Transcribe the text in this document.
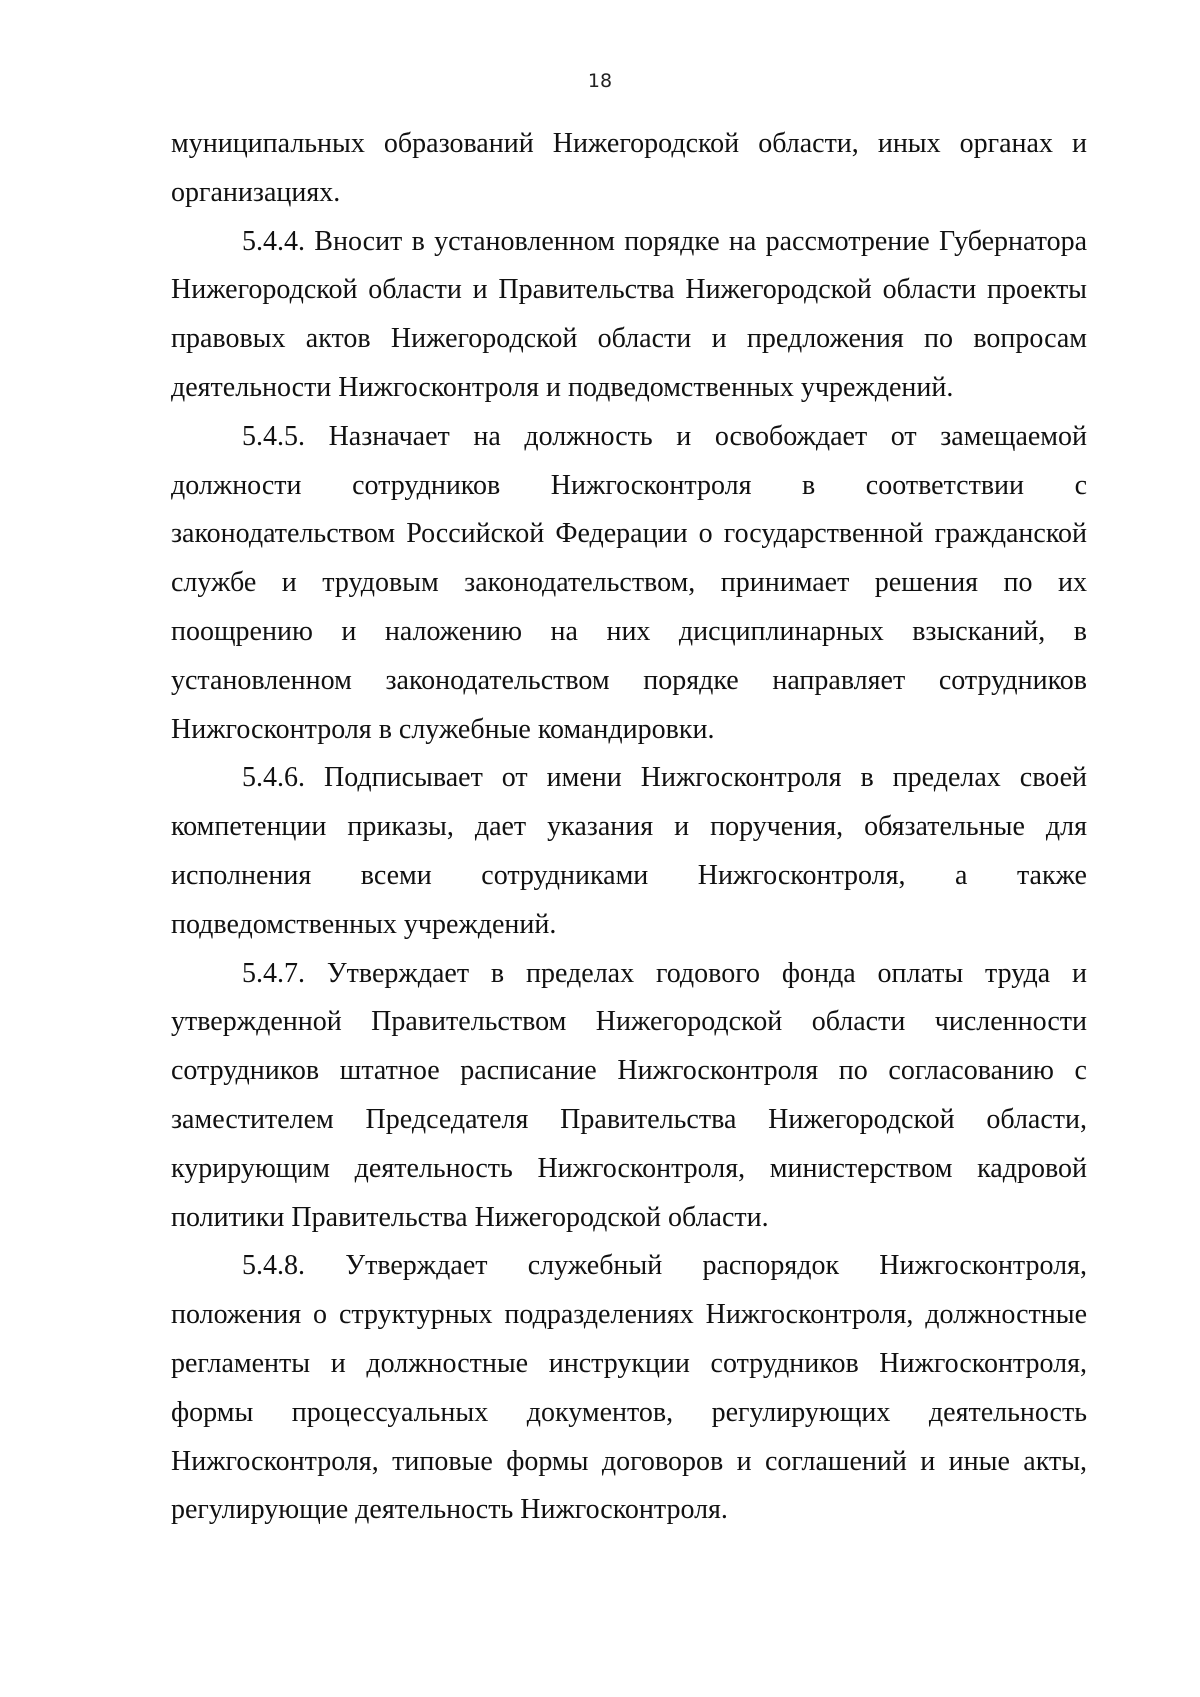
18

муниципальных образований Нижегородской области, иных органах и организациях.

5.4.4. Вносит в установленном порядке на рассмотрение Губернатора Нижегородской области и Правительства Нижегородской области проекты правовых актов Нижегородской области и предложения по вопросам деятельности Нижгосконтроля и подведомственных учреждений.

5.4.5. Назначает на должность и освобождает от замещаемой должности сотрудников Нижгосконтроля в соответствии с законодательством Российской Федерации о государственной гражданской службе и трудовым законодательством, принимает решения по их поощрению и наложению на них дисциплинарных взысканий, в установленном законодательством порядке направляет сотрудников Нижгосконтроля в служебные командировки.

5.4.6. Подписывает от имени Нижгосконтроля в пределах своей компетенции приказы, дает указания и поручения, обязательные для исполнения всеми сотрудниками Нижгосконтроля, а также подведомственных учреждений.

5.4.7. Утверждает в пределах годового фонда оплаты труда и утвержденной Правительством Нижегородской области численности сотрудников штатное расписание Нижгосконтроля по согласованию с заместителем Председателя Правительства Нижегородской области, курирующим деятельность Нижгосконтроля, министерством кадровой политики Правительства Нижегородской области.

5.4.8. Утверждает служебный распорядок Нижгосконтроля, положения о структурных подразделениях Нижгосконтроля, должностные регламенты и должностные инструкции сотрудников Нижгосконтроля, формы процессуальных документов, регулирующих деятельность Нижгосконтроля, типовые формы договоров и соглашений и иные акты, регулирующие деятельность Нижгосконтроля.
